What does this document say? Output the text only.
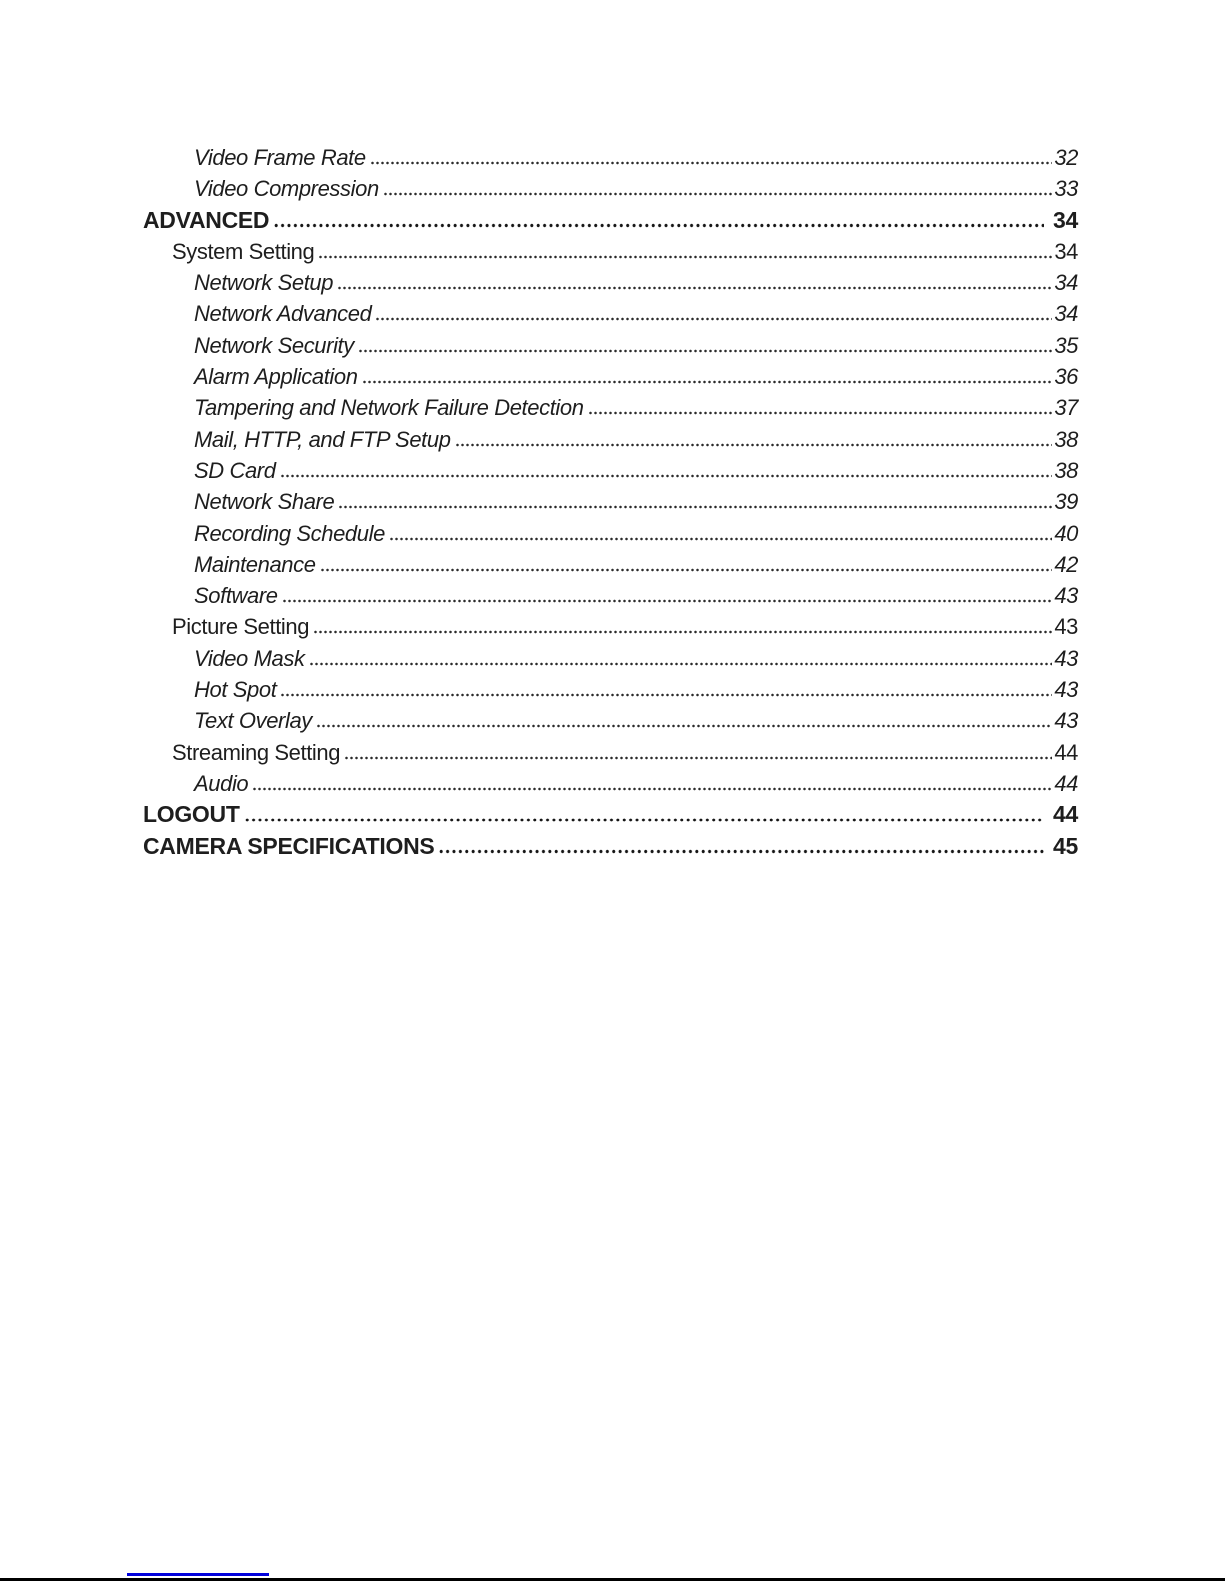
Video Frame Rate	32
Video Compression	33
ADVANCED	34
System Setting	34
Network Setup	34
Network Advanced	34
Network Security	35
Alarm Application	36
Tampering and Network Failure Detection	37
Mail, HTTP, and FTP Setup	38
SD Card	38
Network Share	39
Recording Schedule	40
Maintenance	42
Software	43
Picture Setting	43
Video Mask	43
Hot Spot	43
Text Overlay	43
Streaming Setting	44
Audio	44
LOGOUT	44
CAMERA SPECIFICATIONS	45
